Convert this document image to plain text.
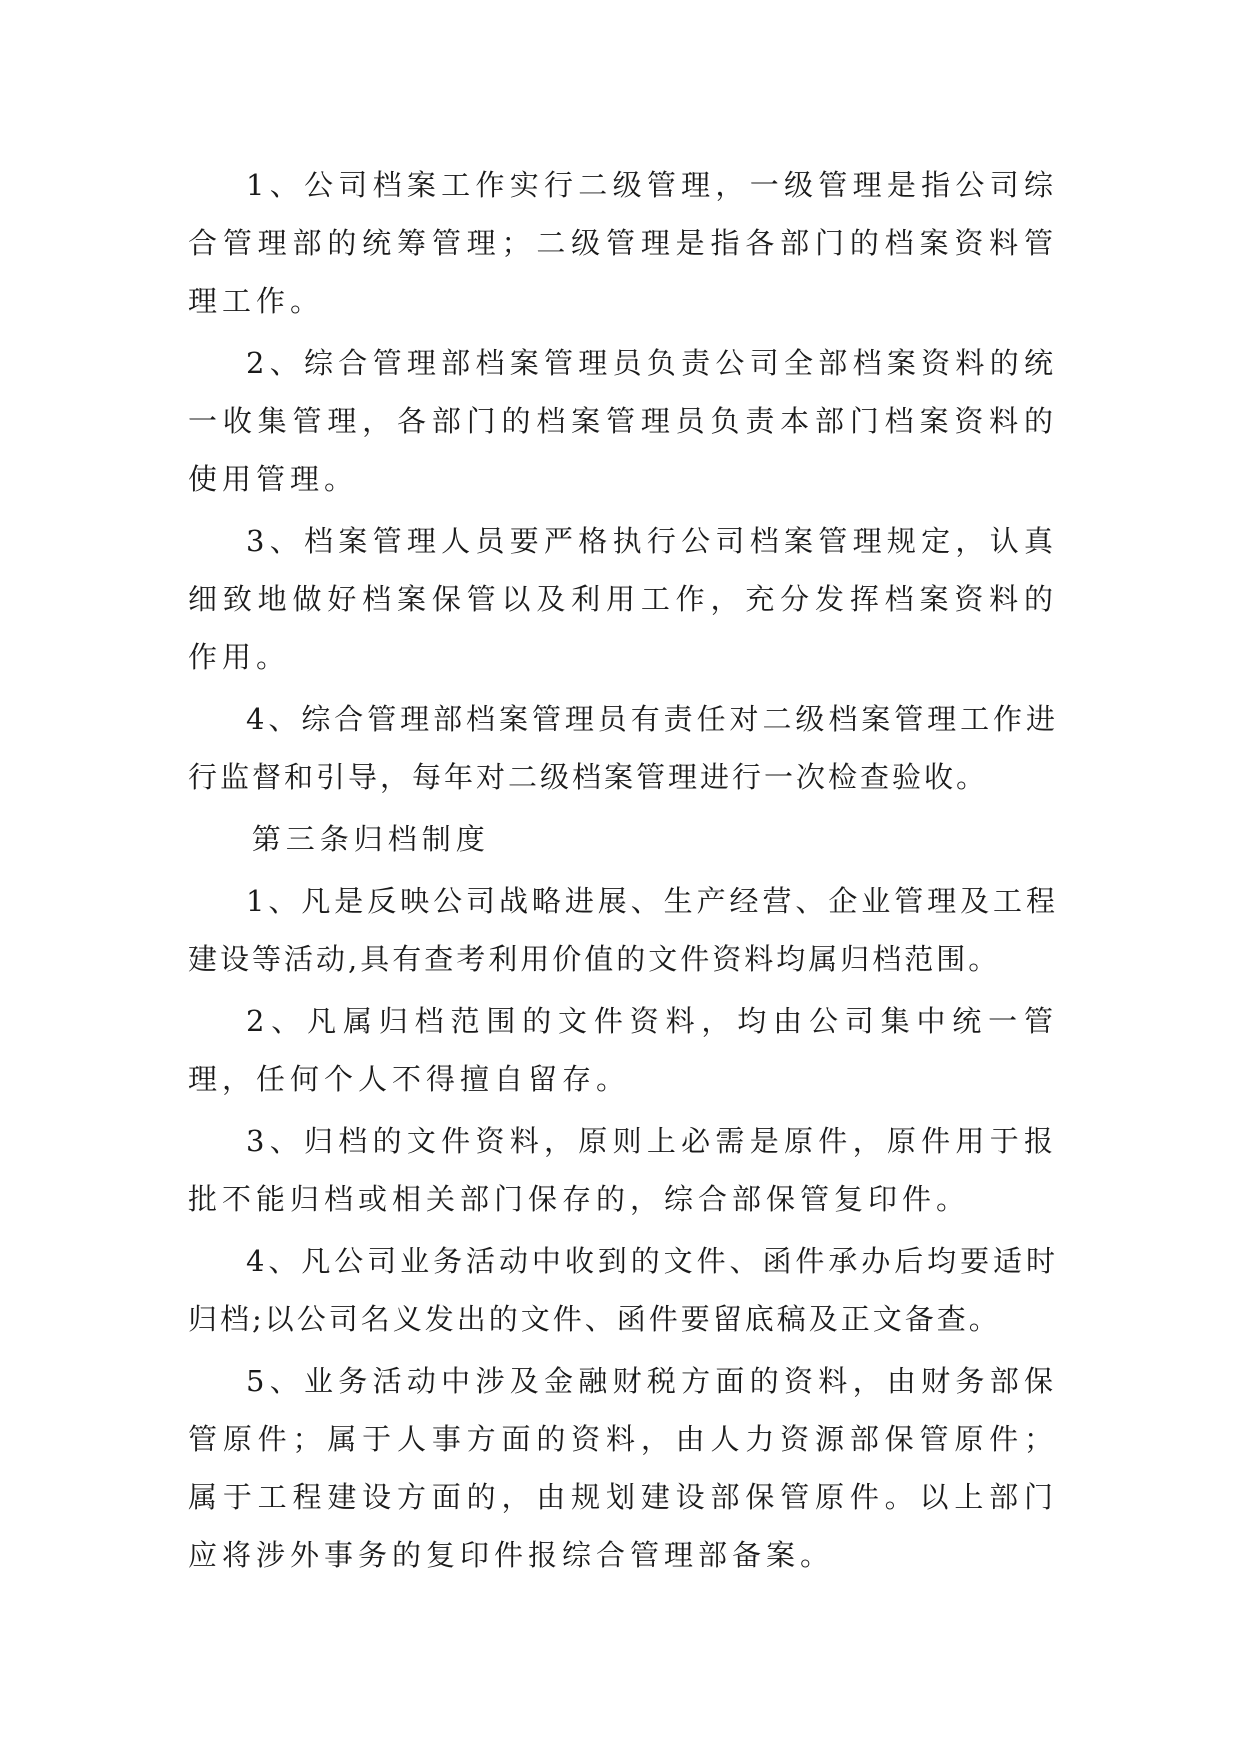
1、公司档案工作实行二级管理，一级管理是指公司综合管理部的统筹管理；二级管理是指各部门的档案资料管理工作。

2、综合管理部档案管理员负责公司全部档案资料的统一收集管理，各部门的档案管理员负责本部门档案资料的使用管理。

3、档案管理人员要严格执行公司档案管理规定，认真细致地做好档案保管以及利用工作，充分发挥档案资料的作用。

4、综合管理部档案管理员有责任对二级档案管理工作进行监督和引导，每年对二级档案管理进行一次检查验收。

第三条归档制度

1、凡是反映公司战略进展、生产经营、企业管理及工程建设等活动,具有查考利用价值的文件资料均属归档范围。

2、凡属归档范围的文件资料，均由公司集中统一管理，任何个人不得擅自留存。

3、归档的文件资料，原则上必需是原件，原件用于报批不能归档或相关部门保存的，综合部保管复印件。

4、凡公司业务活动中收到的文件、函件承办后均要适时归档;以公司名义发出的文件、函件要留底稿及正文备查。

5、业务活动中涉及金融财税方面的资料，由财务部保管原件；属于人事方面的资料，由人力资源部保管原件；属于工程建设方面的，由规划建设部保管原件。以上部门应将涉外事务的复印件报综合管理部备案。
